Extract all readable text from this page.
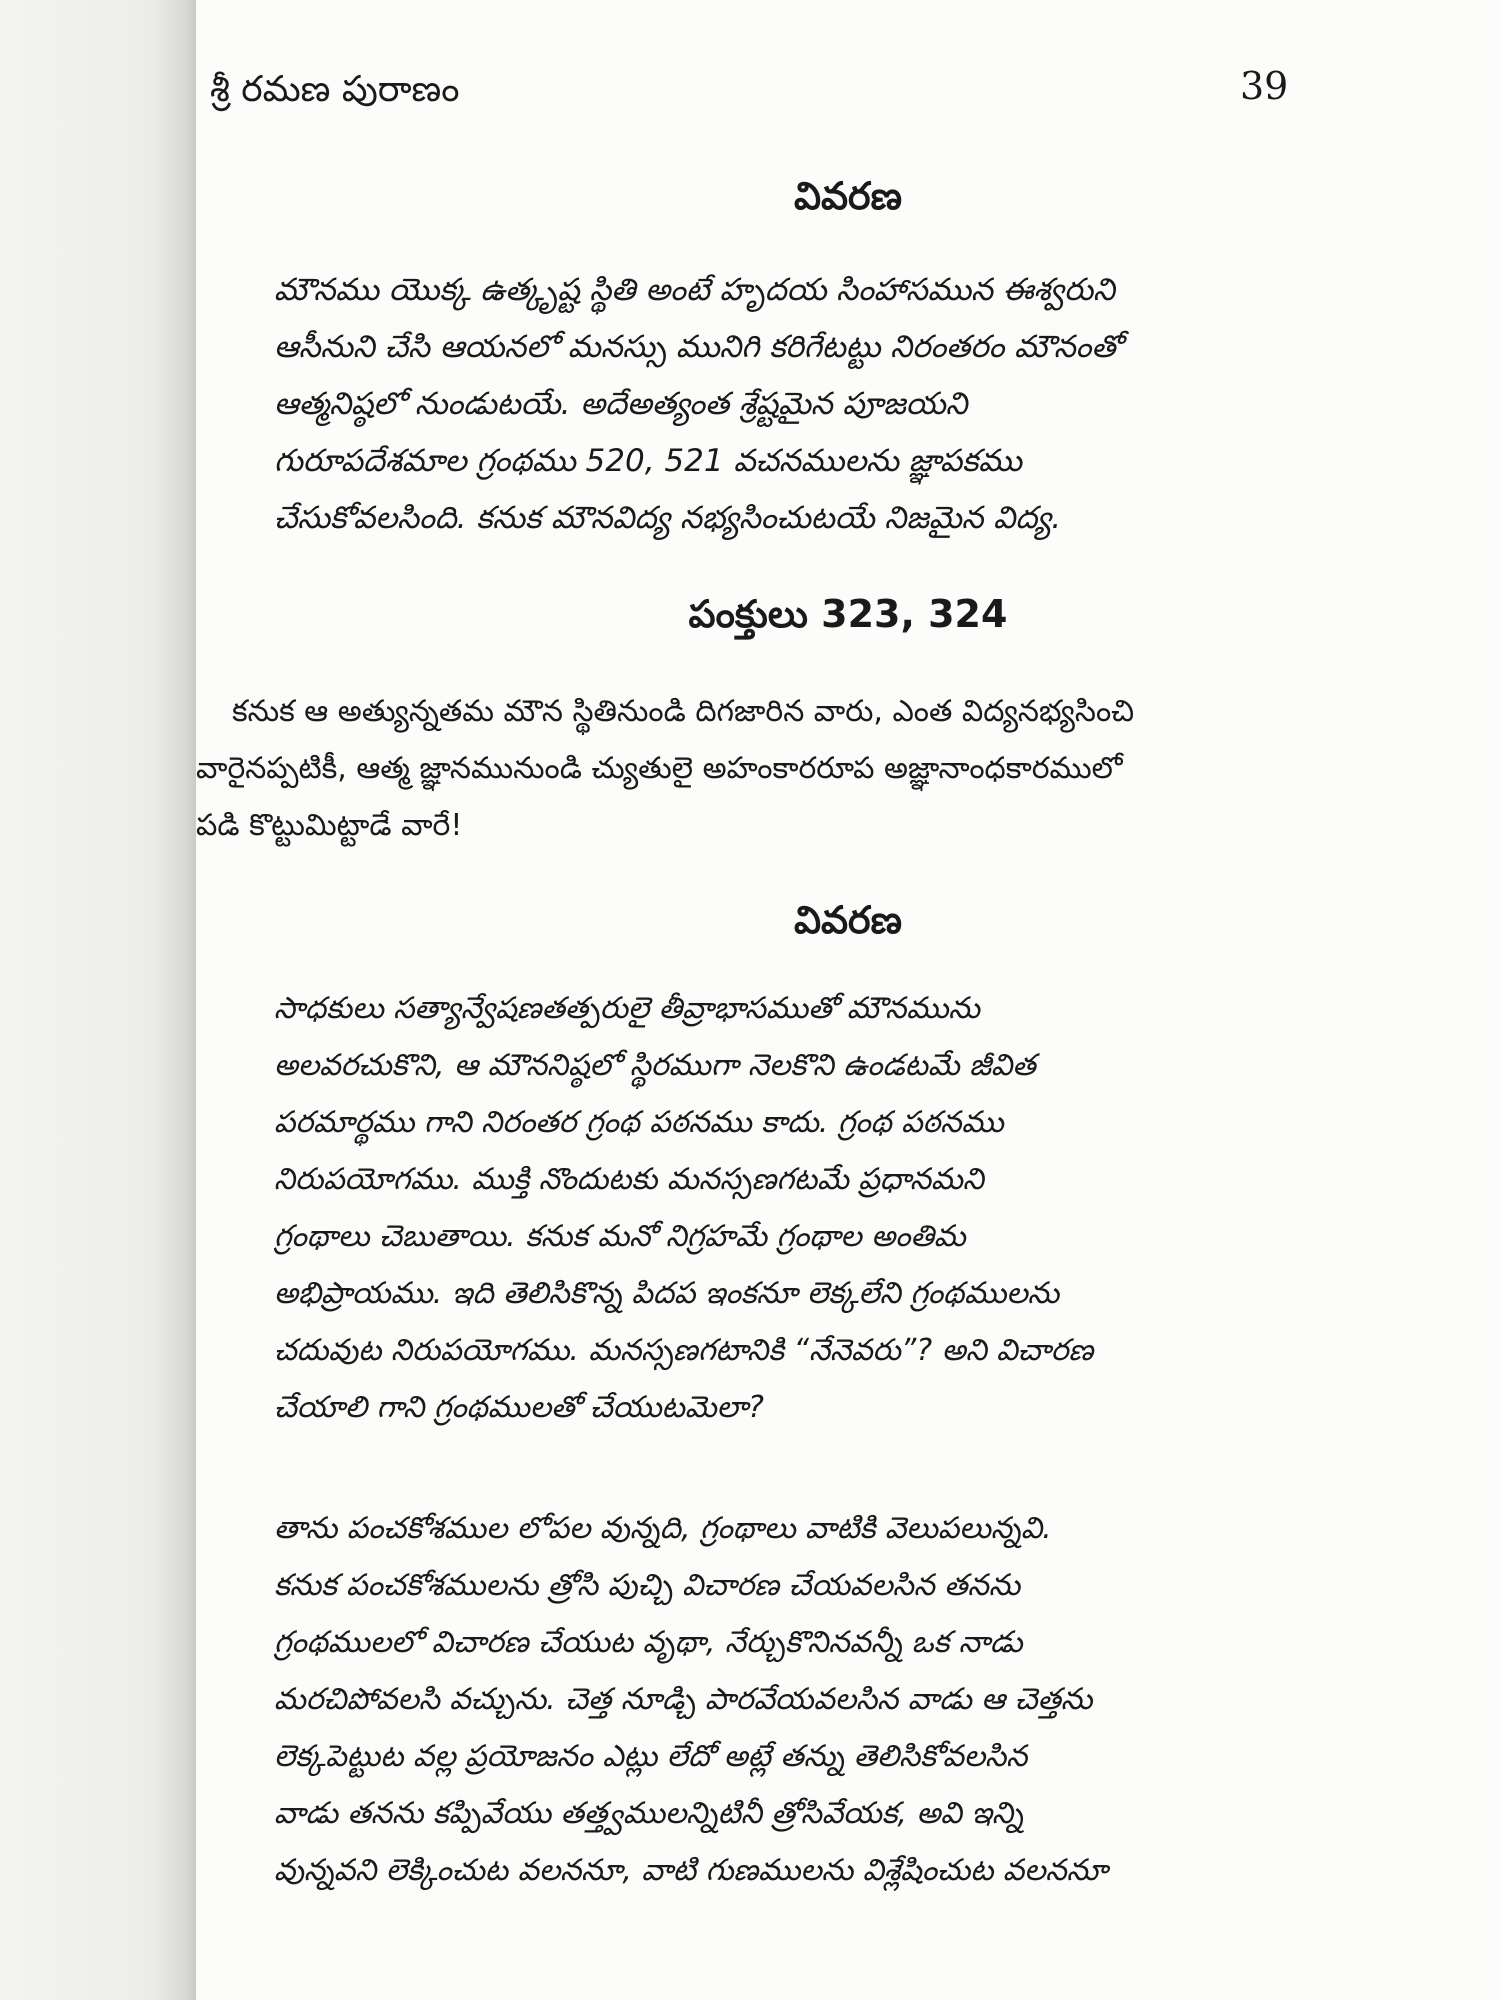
శ్రీ రమణ పురాణం	39
వివరణ
మౌనము యొక్క ఉత్కృష్ట స్థితి అంటే హృదయ సింహాసమున ఈశ్వరుని
ఆసీనుని చేసి ఆయనలో మనస్సు మునిగి కరిగేటట్టు నిరంతరం మౌనంతో
ఆత్మనిష్ఠలో నుండుటయే. అదేఅత్యంత శ్రేష్టమైన పూజయని
గురూపదేశమాల గ్రంథము 520, 521 వచనములను జ్ఞాపకము
చేసుకోవలసింది. కనుక మౌనవిద్య నభ్యసించుటయే నిజమైన విద్య.
పంక్తులు 323, 324
కనుక ఆ అత్యున్నతమ మౌన స్థితినుండి దిగజారిన వారు, ఎంత విద్యనభ్యసించి
వారైనప్పటికీ, ఆత్మ జ్ఞానమునుండి చ్యుతులై అహంకారరూప అజ్ఞానాంధకారములో
పడి కొట్టుమిట్టాడే వారే!
వివరణ
సాధకులు సత్యాన్వేషణతత్పరులై తీవ్రాభాసముతో మౌనమును
అలవరచుకొని, ఆ మౌననిష్ఠలో స్థిరముగా నెలకొని ఉండటమే జీవిత
పరమార్థము గాని నిరంతర గ్రంథ పఠనము కాదు. గ్రంథ పఠనము
నిరుపయోగము. ముక్తి నొందుటకు మనస్సణగటమే ప్రధానమని
గ్రంథాలు చెబుతాయి. కనుక మనో నిగ్రహమే గ్రంథాల అంతిమ
అభిప్రాయము. ఇది తెలిసికొన్న పిదప ఇంకనూ లెక్కలేని గ్రంథములను
చదువుట నిరుపయోగము. మనస్సణగటానికి “నేనెవరు”? అని విచారణ
చేయాలి గాని గ్రంథములతో చేయుటమెలా?
తాను పంచకోశముల లోపల వున్నది, గ్రంథాలు వాటికి వెలుపలున్నవి.
కనుక పంచకోశములను త్రోసి పుచ్చి విచారణ చేయవలసిన తనను
గ్రంథములలో విచారణ చేయుట వృథా, నేర్చుకొనినవన్నీ ఒక నాడు
మరచిపోవలసి వచ్చును. చెత్త నూడ్చి పారవేయవలసిన వాడు ఆ చెత్తను
లెక్కపెట్టుట వల్ల ప్రయోజనం ఎట్లు లేదో అట్లే తన్ను తెలిసికోవలసిన
వాడు తనను కప్పివేయు తత్త్వములన్నిటినీ త్రోసివేయక, అవి ఇన్ని
వున్నవని లెక్కించుట వలననూ, వాటి గుణములను విశ్లేషించుట వలననూ
